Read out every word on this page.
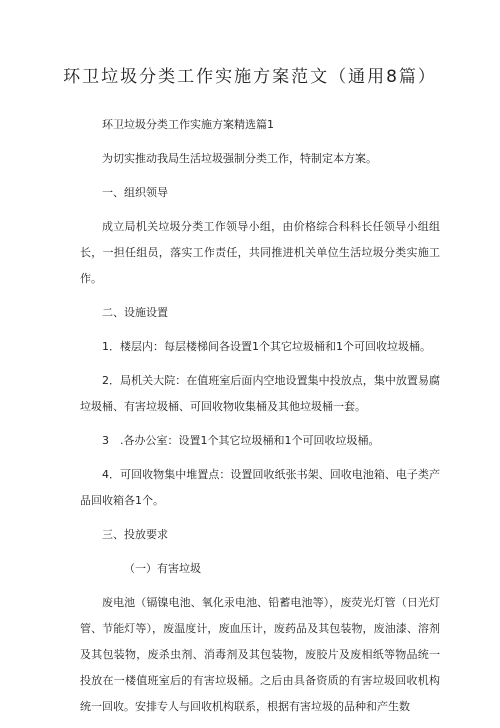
环卫垃圾分类工作实施方案范文（通用8篇）

环卫垃圾分类工作实施方案精选篇1

为切实推动我局生活垃圾强制分类工作，特制定本方案。

一、组织领导

成立局机关垃圾分类工作领导小组，由价格综合科科长任领导小组组长，一担任组员，落实工作责任，共同推进机关单位生活垃圾分类实施工作。

二、设施设置

1．楼层内：每层楼梯间各设置1个其它垃圾桶和1个可回收垃圾桶。

2．局机关大院：在值班室后面内空地设置集中投放点，集中放置易腐垃圾桶、有害垃圾桶、可回收物收集桶及其他垃圾桶一套。

3　.各办公室：设置1个其它垃圾桶和1个可回收垃圾桶。

4．可回收物集中堆置点：设置回收纸张书架、回收电池箱、电子类产品回收箱各1个。

三、投放要求

（一）有害垃圾

废电池（镉镍电池、氧化汞电池、铅蓄电池等），废荧光灯管（日光灯管、节能灯等），废温度计，废血压计，废药品及其包装物，废油漆、溶剂及其包装物，废杀虫剂、消毒剂及其包装物，废胶片及废相纸等物品统一投放在一楼值班室后的有害垃圾桶。之后由具备资质的有害垃圾回收机构统一回收。安排专人与回收机构联系，根据有害垃圾的品种和产生数
